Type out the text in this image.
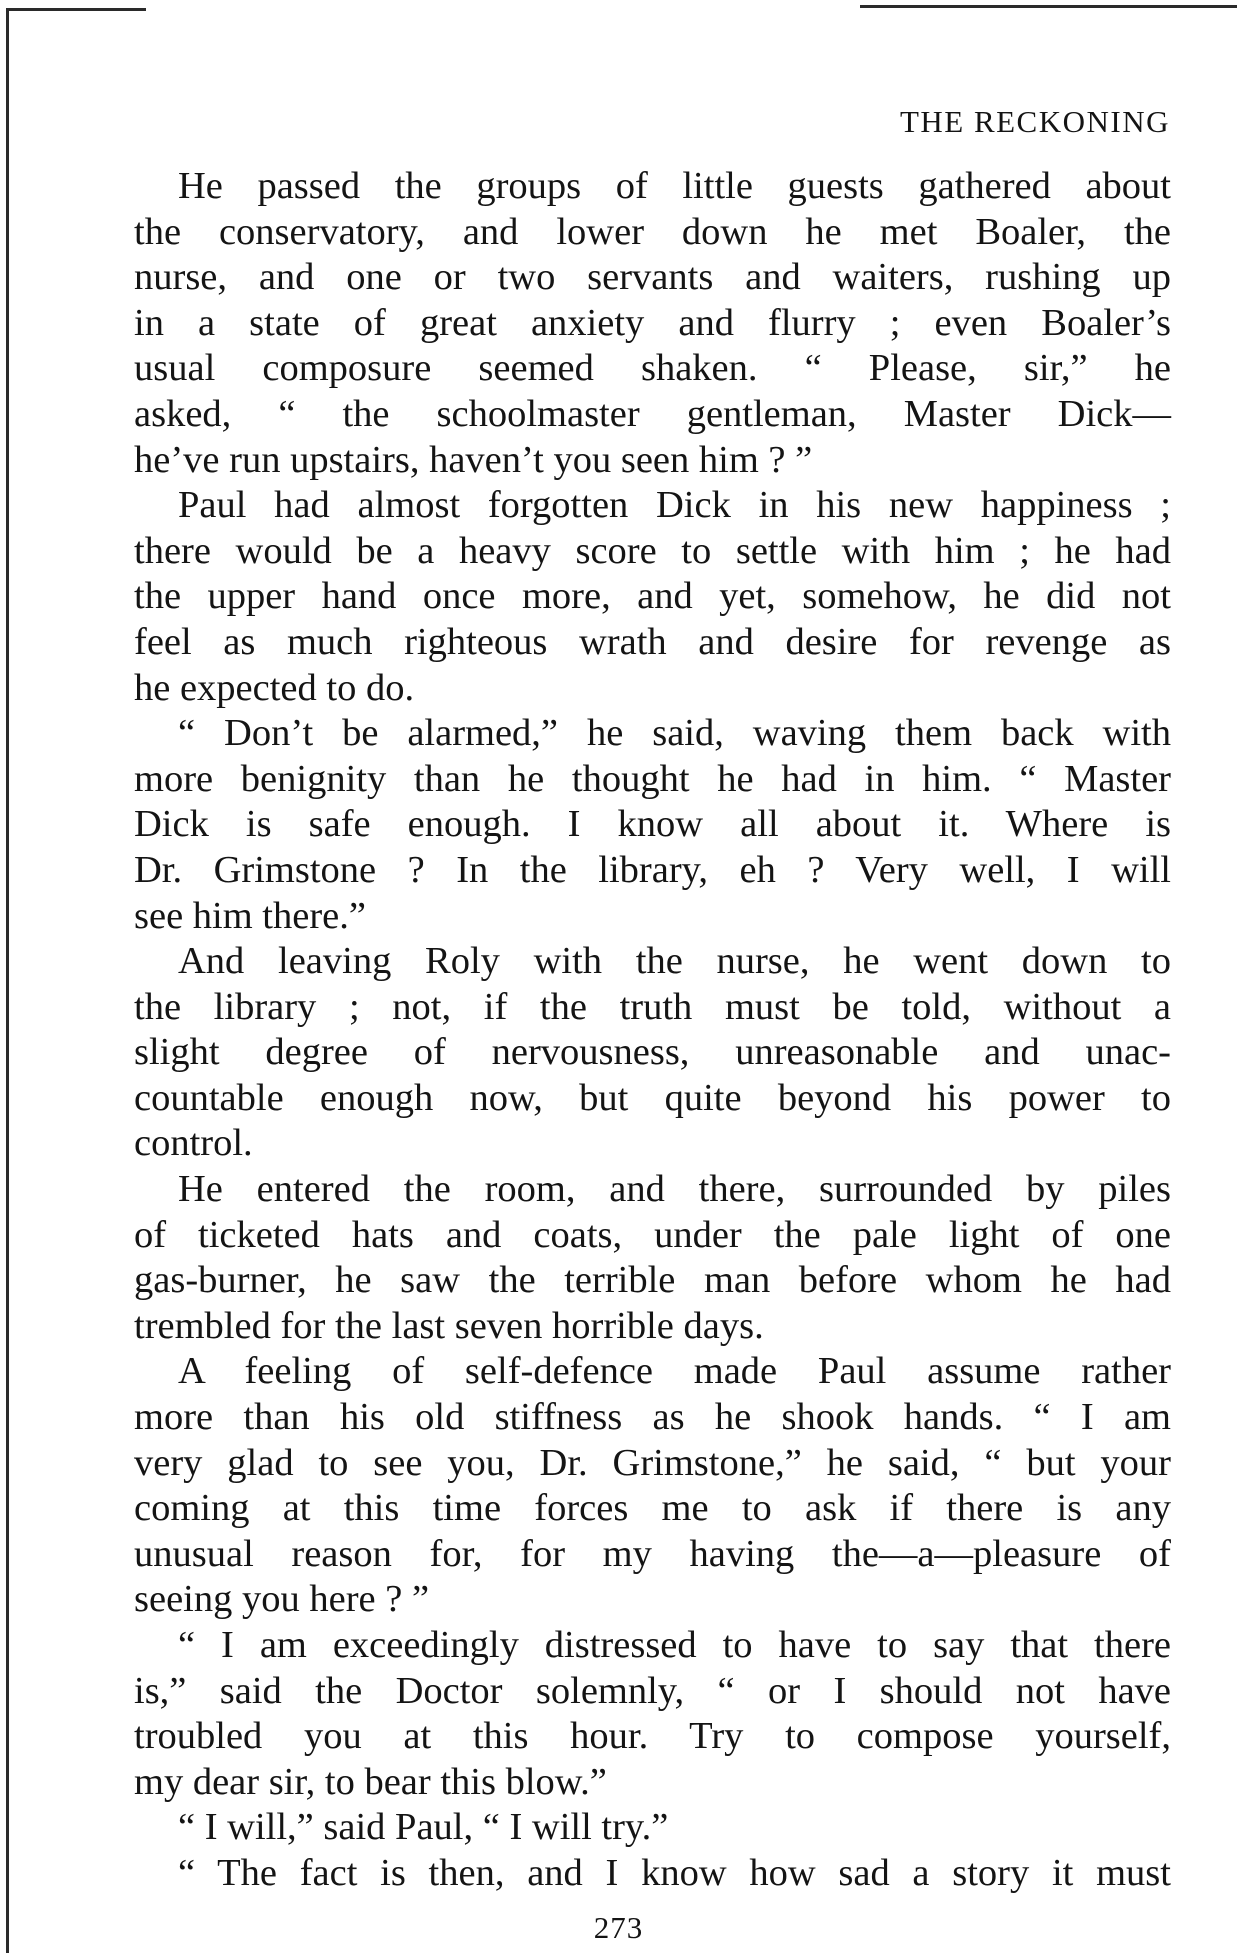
THE RECKONING
He passed the groups of little guests gathered about
the conservatory, and lower down he met Boaler, the
nurse, and one or two servants and waiters, rushing up
in a state of great anxiety and flurry ; even Boaler’s
usual composure seemed shaken. “ Please, sir,” he
asked, “ the schoolmaster gentleman, Master Dick—
he’ve run upstairs, haven’t you seen him ? ”
Paul had almost forgotten Dick in his new happiness ;
there would be a heavy score to settle with him ; he had
the upper hand once more, and yet, somehow, he did not
feel as much righteous wrath and desire for revenge as
he expected to do.
“ Don’t be alarmed,” he said, waving them back with
more benignity than he thought he had in him. “ Master
Dick is safe enough. I know all about it. Where is
Dr. Grimstone ? In the library, eh ? Very well, I will
see him there.”
And leaving Roly with the nurse, he went down to
the library ; not, if the truth must be told, without a
slight degree of nervousness, unreasonable and unac-
countable enough now, but quite beyond his power to
control.
He entered the room, and there, surrounded by piles
of ticketed hats and coats, under the pale light of one
gas-burner, he saw the terrible man before whom he had
trembled for the last seven horrible days.
A feeling of self-defence made Paul assume rather
more than his old stiffness as he shook hands. “ I am
very glad to see you, Dr. Grimstone,” he said, “ but your
coming at this time forces me to ask if there is any
unusual reason for, for my having the—a—pleasure of
seeing you here ? ”
“ I am exceedingly distressed to have to say that there
is,” said the Doctor solemnly, “ or I should not have
troubled you at this hour. Try to compose yourself,
my dear sir, to bear this blow.”
“ I will,” said Paul, “ I will try.”
“ The fact is then, and I know how sad a story it must
273
